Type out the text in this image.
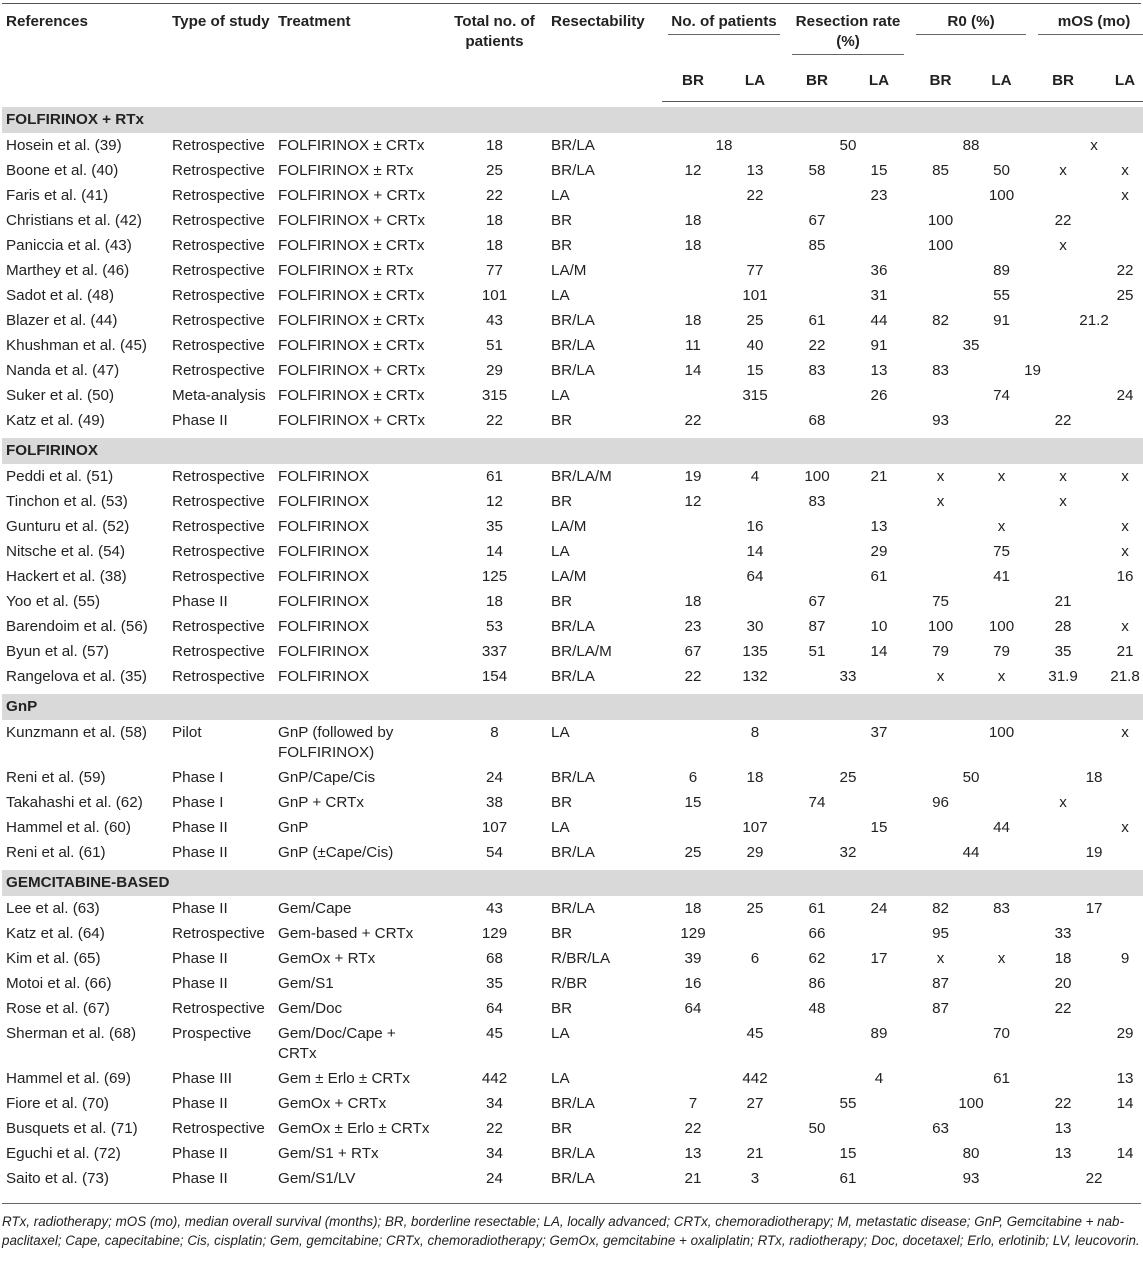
References	Type of study	Treatment	Total no. of patients	Resectability	No. of patients		Resection rate (%)		R0 (%)		mOS (mo)	
					BR	LA	BR	LA	BR	LA	BR	LA

FOLFIRINOX + RTx												
Hosein et al. (39)	Retrospective	FOLFIRINOX ± CRTx	18	BR/LA	18		50		88		x	
Boone et al. (40)	Retrospective	FOLFIRINOX ± RTx	25	BR/LA	12	13	58	15	85	50	x	x
Faris et al. (41)	Retrospective	FOLFIRINOX + CRTx	22	LA		22		23		100		x
Christians et al. (42)	Retrospective	FOLFIRINOX + CRTx	18	BR	18		67		100		22	
Paniccia et al. (43)	Retrospective	FOLFIRINOX ± CRTx	18	BR	18		85		100		x	
Marthey et al. (46)	Retrospective	FOLFIRINOX ± RTx	77	LA/M		77		36		89		22
Sadot et al. (48)	Retrospective	FOLFIRINOX ± CRTx	101	LA		101		31		55		25
Blazer et al. (44)	Retrospective	FOLFIRINOX ± CRTx	43	BR/LA	18	25	61	44	82	91	21.2	
Khushman et al. (45)	Retrospective	FOLFIRINOX ± CRTx	51	BR/LA	11	40	22	91	35			
Nanda et al. (47)	Retrospective	FOLFIRINOX + CRTx	29	BR/LA	14	15	83	13	83	19		
Suker et al. (50)	Meta-analysis	FOLFIRINOX ± CRTx	315	LA		315		26		74		24
Katz et al. (49)	Phase II	FOLFIRINOX + CRTx	22	BR	22		68		93		22	

FOLFIRINOX												
Peddi et al. (51)	Retrospective	FOLFIRINOX	61	BR/LA/M	19	4	100	21	x	x	x	x
Tinchon et al. (53)	Retrospective	FOLFIRINOX	12	BR	12		83		x		x	
Gunturu et al. (52)	Retrospective	FOLFIRINOX	35	LA/M		16		13		x		x
Nitsche et al. (54)	Retrospective	FOLFIRINOX	14	LA		14		29		75		x
Hackert et al. (38)	Retrospective	FOLFIRINOX	125	LA/M		64		61		41		16
Yoo et al. (55)	Phase II	FOLFIRINOX	18	BR	18		67		75		21	
Barendoim et al. (56)	Retrospective	FOLFIRINOX	53	BR/LA	23	30	87	10	100	100	28	x
Byun et al. (57)	Retrospective	FOLFIRINOX	337	BR/LA/M	67	135	51	14	79	79	35	21
Rangelova et al. (35)	Retrospective	FOLFIRINOX	154	BR/LA	22	132	33		x	x	31.9	21.8

GnP												
Kunzmann et al. (58)	Pilot	GnP (followed by FOLFIRINOX)	8	LA		8		37		100		x
Reni et al. (59)	Phase I	GnP/Cape/Cis	24	BR/LA	6	18	25		50		18	
Takahashi et al. (62)	Phase I	GnP + CRTx	38	BR	15		74		96		x	
Hammel et al. (60)	Phase II	GnP	107	LA		107		15		44		x
Reni et al. (61)	Phase II	GnP (±Cape/Cis)	54	BR/LA	25	29	32		44		19	

GEMCITABINE-BASED												
Lee et al. (63)	Phase II	Gem/Cape	43	BR/LA	18	25	61	24	82	83	17	
Katz et al. (64)	Retrospective	Gem-based + CRTx	129	BR	129		66		95		33	
Kim et al. (65)	Phase II	GemOx + RTx	68	R/BR/LA	39	6	62	17	x	x	18	9
Motoi et al. (66)	Phase II	Gem/S1	35	R/BR	16		86		87		20	
Rose et al. (67)	Retrospective	Gem/Doc	64	BR	64		48		87		22	
Sherman et al. (68)	Prospective	Gem/Doc/Cape + CRTx	45	LA		45		89		70		29
Hammel et al. (69)	Phase III	Gem ± Erlo ± CRTx	442	LA		442		4		61		13
Fiore et al. (70)	Phase II	GemOx + CRTx	34	BR/LA	7	27	55		100		22	14
Busquets et al. (71)	Retrospective	GemOx ± Erlo ± CRTx	22	BR	22		50		63		13	
Eguchi et al. (72)	Phase II	Gem/S1 + RTx	34	BR/LA	13	21	15		80		13	14
Saito et al. (73)	Phase II	Gem/S1/LV	24	BR/LA	21	3	61		93		22	
RTx, radiotherapy; mOS (mo), median overall survival (months); BR, borderline resectable; LA, locally advanced; CRTx, chemoradiotherapy; M, metastatic disease; GnP, Gemcitabine + nab-paclitaxel; Cape, capecitabine; Cis, cisplatin; Gem, gemcitabine; CRTx, chemoradiotherapy; GemOx, gemcitabine + oxaliplatin; RTx, radiotherapy; Doc, docetaxel; Erlo, erlotinib; LV, leucovorin.
